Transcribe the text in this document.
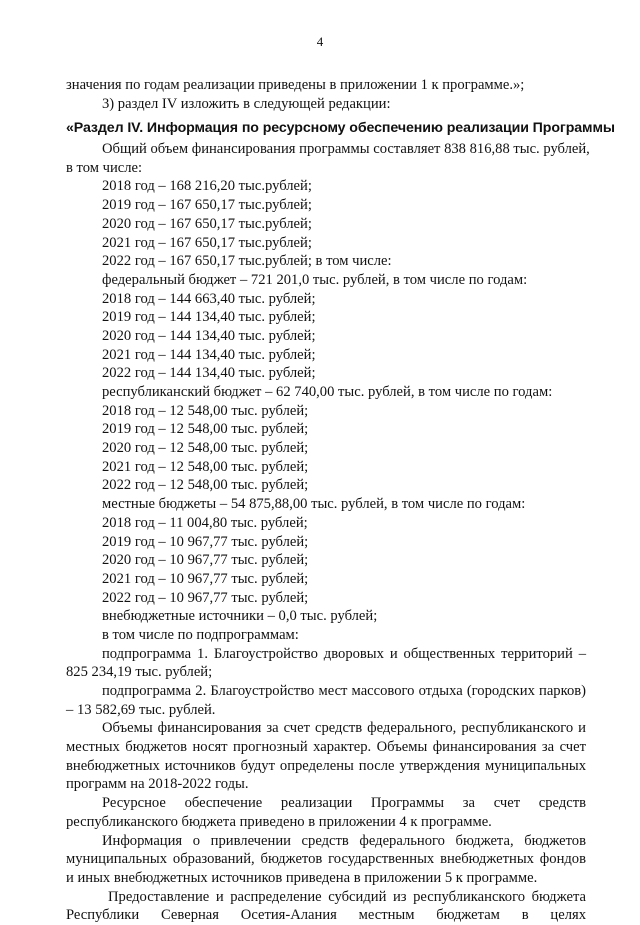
4
значения по годам реализации приведены в приложении 1 к программе.»;
3) раздел IV изложить в следующей редакции:
«Раздел IV. Информация по ресурсному обеспечению реализации Программы
Общий объем финансирования программы составляет 838 816,88 тыс. рублей,
в том числе:
2018 год – 168 216,20 тыс.рублей;
2019 год – 167 650,17 тыс.рублей;
2020 год – 167 650,17 тыс.рублей;
2021 год – 167 650,17 тыс.рублей;
2022 год – 167 650,17 тыс.рублей; в том числе:
федеральный бюджет – 721 201,0 тыс. рублей, в том числе по годам:
2018 год – 144 663,40 тыс. рублей;
2019 год – 144 134,40 тыс. рублей;
2020 год – 144 134,40 тыс. рублей;
2021 год – 144 134,40 тыс. рублей;
2022 год – 144 134,40 тыс. рублей;
республиканский бюджет – 62 740,00 тыс. рублей, в том числе по годам:
2018 год – 12 548,00 тыс. рублей;
2019 год – 12 548,00 тыс. рублей;
2020 год – 12 548,00 тыс. рублей;
2021 год – 12 548,00 тыс. рублей;
2022 год – 12 548,00 тыс. рублей;
местные бюджеты – 54 875,88,00 тыс. рублей, в том числе по годам:
2018 год – 11 004,80 тыс. рублей;
2019 год – 10 967,77 тыс. рублей;
2020 год – 10 967,77 тыс. рублей;
2021 год – 10 967,77 тыс. рублей;
2022 год – 10 967,77 тыс. рублей;
внебюджетные источники – 0,0 тыс. рублей;
в том числе по подпрограммам:
подпрограмма 1. Благоустройство дворовых и общественных территорий –
825 234,19 тыс. рублей;
подпрограмма 2. Благоустройство мест массового отдыха (городских парков)
– 13 582,69 тыс. рублей.
Объемы финансирования за счет средств федерального, республиканского и местных бюджетов носят прогнозный характер. Объемы финансирования за счет внебюджетных источников будут определены после утверждения муниципальных программ на 2018-2022 годы.
Ресурсное обеспечение реализации Программы за счет средств республиканского бюджета приведено в приложении 4 к программе.
Информация о привлечении средств федерального бюджета, бюджетов муниципальных образований, бюджетов государственных внебюджетных фондов и иных внебюджетных источников приведена в приложении 5 к программе.
Предоставление и распределение субсидий из республиканского бюджета Республики Северная Осетия-Алания местным бюджетам в целях
